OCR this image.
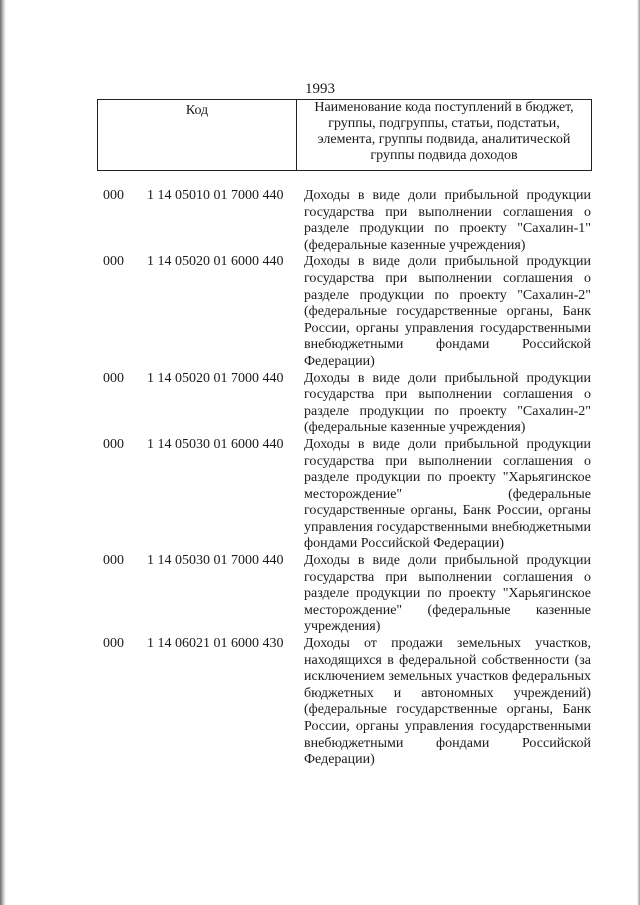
1993
Код	Наименование кода поступлений в бюджет, группы, подгруппы, статьи, подстатьи, элемента, группы подвида, аналитической группы подвида доходов
000	1 14 05010 01 7000 440	Доходы в виде доли прибыльной продукции государства при выполнении соглашения о разделе продукции по проекту "Сахалин-1" (федеральные казенные учреждения)
000	1 14 05020 01 6000 440	Доходы в виде доли прибыльной продукции государства при выполнении соглашения о разделе продукции по проекту "Сахалин-2" (федеральные государственные органы, Банк России, органы управления государственными внебюджетными фондами Российской Федерации)
000	1 14 05020 01 7000 440	Доходы в виде доли прибыльной продукции государства при выполнении соглашения о разделе продукции по проекту "Сахалин-2" (федеральные казенные учреждения)
000	1 14 05030 01 6000 440	Доходы в виде доли прибыльной продукции государства при выполнении соглашения о разделе продукции по проекту "Харьягинское месторождение" (федеральные государственные органы, Банк России, органы управления государственными внебюджетными фондами Российской Федерации)
000	1 14 05030 01 7000 440	Доходы в виде доли прибыльной продукции государства при выполнении соглашения о разделе продукции по проекту "Харьягинское месторождение" (федеральные казенные учреждения)
000	1 14 06021 01 6000 430	Доходы от продажи земельных участков, находящихся в федеральной собственности (за исключением земельных участков федеральных бюджетных и автономных учреждений) (федеральные государственные органы, Банк России, органы управления государственными внебюджетными фондами Российской Федерации)
